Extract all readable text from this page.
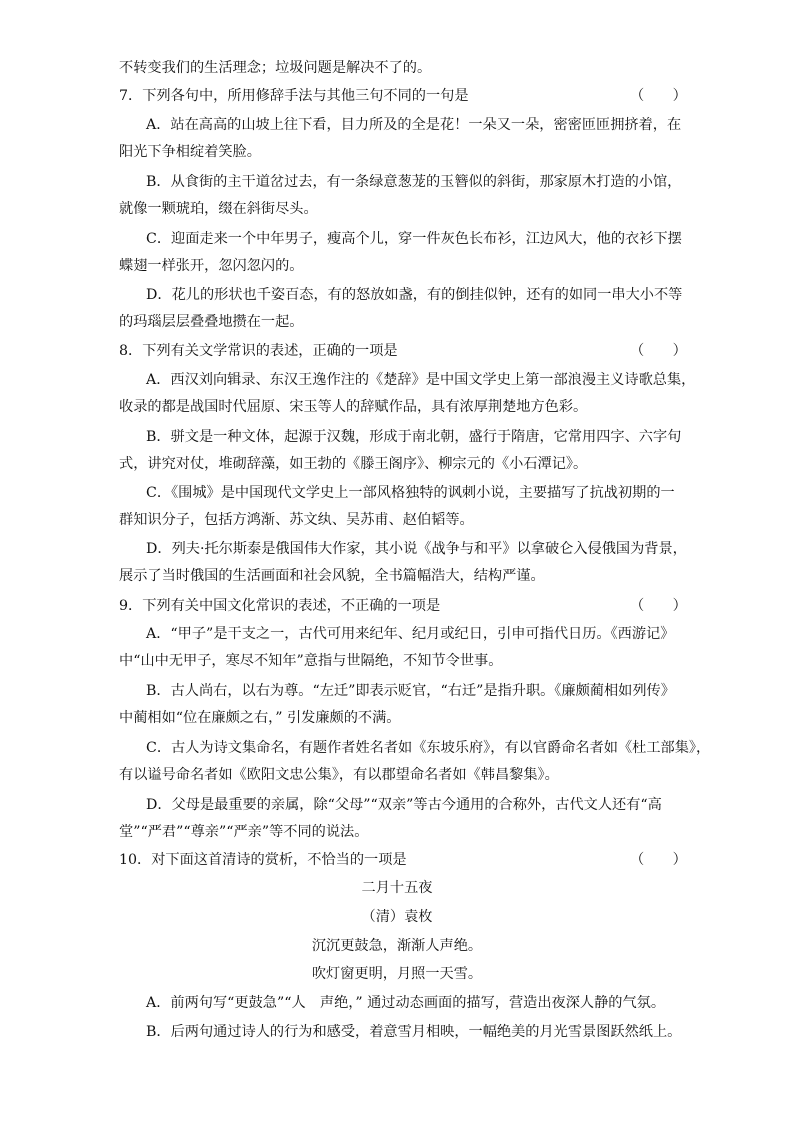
不转变我们的生活理念；垃圾问题是解决不了的。
7．下列各句中，所用修辞手法与其他三句不同的一句是	（　　）
A．站在高高的山坡上往下看，目力所及的全是花！一朵又一朵，密密匝匝拥挤着，在
阳光下争相绽着笑脸。
B．从食街的主干道岔过去，有一条绿意葱茏的玉簪似的斜街，那家原木打造的小馆，
就像一颗琥珀，缀在斜街尽头。
C．迎面走来一个中年男子，瘦高个儿，穿一件灰色长布衫，江边风大，他的衣衫下摆
蝶翅一样张开，忽闪忽闪的。
D．花儿的形状也千姿百态，有的怒放如盏，有的倒挂似钟，还有的如同一串大小不等
的玛瑙层层叠叠地攒在一起。
8．下列有关文学常识的表述，正确的一项是	（　　）
A．西汉刘向辑录、东汉王逸作注的《楚辞》是中国文学史上第一部浪漫主义诗歌总集，
收录的都是战国时代屈原、宋玉等人的辞赋作品，具有浓厚荆楚地方色彩。
B．骈文是一种文体，起源于汉魏，形成于南北朝，盛行于隋唐，它常用四字、六字句
式，讲究对仗，堆砌辞藻，如王勃的《滕王阁序》、柳宗元的《小石潭记》。
C．《围城》是中国现代文学史上一部风格独特的讽刺小说，主要描写了抗战初期的一
群知识分子，包括方鸿渐、苏文纨、吴苏甫、赵伯韬等。
D．列夫·托尔斯泰是俄国伟大作家，其小说《战争与和平》以拿破仑入侵俄国为背景，
展示了当时俄国的生活画面和社会风貌，全书篇幅浩大，结构严谨。
9．下列有关中国文化常识的表述，不正确的一项是	（　　）
A．“甲子”是干支之一，古代可用来纪年、纪月或纪日，引申可指代日历。《西游记》
中“山中无甲子，寒尽不知年”意指与世隔绝，不知节令世事。
B．古人尚右，以右为尊。“左迁”即表示贬官，“右迁”是指升职。《廉颇蔺相如列传》
中蔺相如“位在廉颇之右，” 引发廉颇的不满。
C．古人为诗文集命名，有题作者姓名者如《东坡乐府》，有以官爵命名者如《杜工部集》，
有以谥号命名者如《欧阳文忠公集》，有以郡望命名者如《韩昌黎集》。
D．父母是最重要的亲属，除“父母”“双亲”等古今通用的合称外，古代文人还有“高
堂”“严君”“尊亲”“严亲”等不同的说法。
10．对下面这首清诗的赏析，不恰当的一项是	（　　）
二月十五夜
（清）袁枚
沉沉更鼓急，渐渐人声绝。
吹灯窗更明，月照一天雪。
A．前两句写“更鼓急”“人　声绝，” 通过动态画面的描写，营造出夜深人静的气氛。
B．后两句通过诗人的行为和感受，着意雪月相映，一幅绝美的月光雪景图跃然纸上。
